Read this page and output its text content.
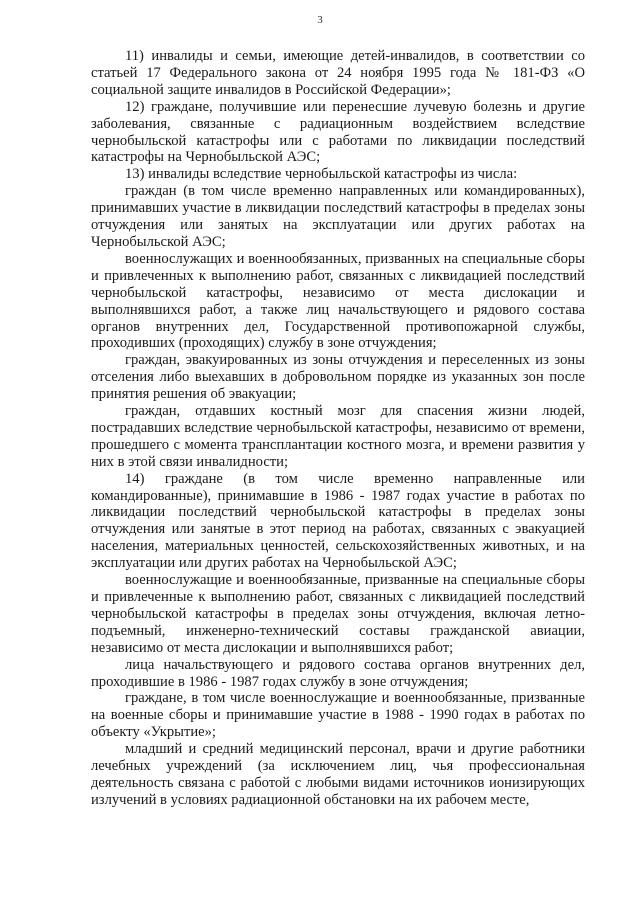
3

11) инвалиды и семьи, имеющие детей-инвалидов, в соответствии со статьей 17 Федерального закона от 24 ноября 1995 года № 181-ФЗ «О социальной защите инвалидов в Российской Федерации»;

12) граждане, получившие или перенесшие лучевую болезнь и другие заболевания, связанные с радиационным воздействием вследствие чернобыльской катастрофы или с работами по ликвидации последствий катастрофы на Чернобыльской АЭС;

13) инвалиды вследствие чернобыльской катастрофы из числа:

граждан (в том числе временно направленных или командированных), принимавших участие в ликвидации последствий катастрофы в пределах зоны отчуждения или занятых на эксплуатации или других работах на Чернобыльской АЭС;

военнослужащих и военнообязанных, призванных на специальные сборы и привлеченных к выполнению работ, связанных с ликвидацией последствий чернобыльской катастрофы, независимо от места дислокации и выполнявшихся работ, а также лиц начальствующего и рядового состава органов внутренних дел, Государственной противопожарной службы, проходивших (проходящих) службу в зоне отчуждения;

граждан, эвакуированных из зоны отчуждения и переселенных из зоны отселения либо выехавших в добровольном порядке из указанных зон после принятия решения об эвакуации;

граждан, отдавших костный мозг для спасения жизни людей, пострадавших вследствие чернобыльской катастрофы, независимо от времени, прошедшего с момента трансплантации костного мозга, и времени развития у них в этой связи инвалидности;

14) граждане (в том числе временно направленные или командированные), принимавшие в 1986 - 1987 годах участие в работах по ликвидации последствий чернобыльской катастрофы в пределах зоны отчуждения или занятые в этот период на работах, связанных с эвакуацией населения, материальных ценностей, сельскохозяйственных животных, и на эксплуатации или других работах на Чернобыльской АЭС;

военнослужащие и военнообязанные, призванные на специальные сборы и привлеченные к выполнению работ, связанных с ликвидацией последствий чернобыльской катастрофы в пределах зоны отчуждения, включая летно-подъемный, инженерно-технический составы гражданской авиации, независимо от места дислокации и выполнявшихся работ;

лица начальствующего и рядового состава органов внутренних дел, проходившие в 1986 - 1987 годах службу в зоне отчуждения;

граждане, в том числе военнослужащие и военнообязанные, призванные на военные сборы и принимавшие участие в 1988 - 1990 годах в работах по объекту «Укрытие»;

младший и средний медицинский персонал, врачи и другие работники лечебных учреждений (за исключением лиц, чья профессиональная деятельность связана с работой с любыми видами источников ионизирующих излучений в условиях радиационной обстановки на их рабочем месте,
